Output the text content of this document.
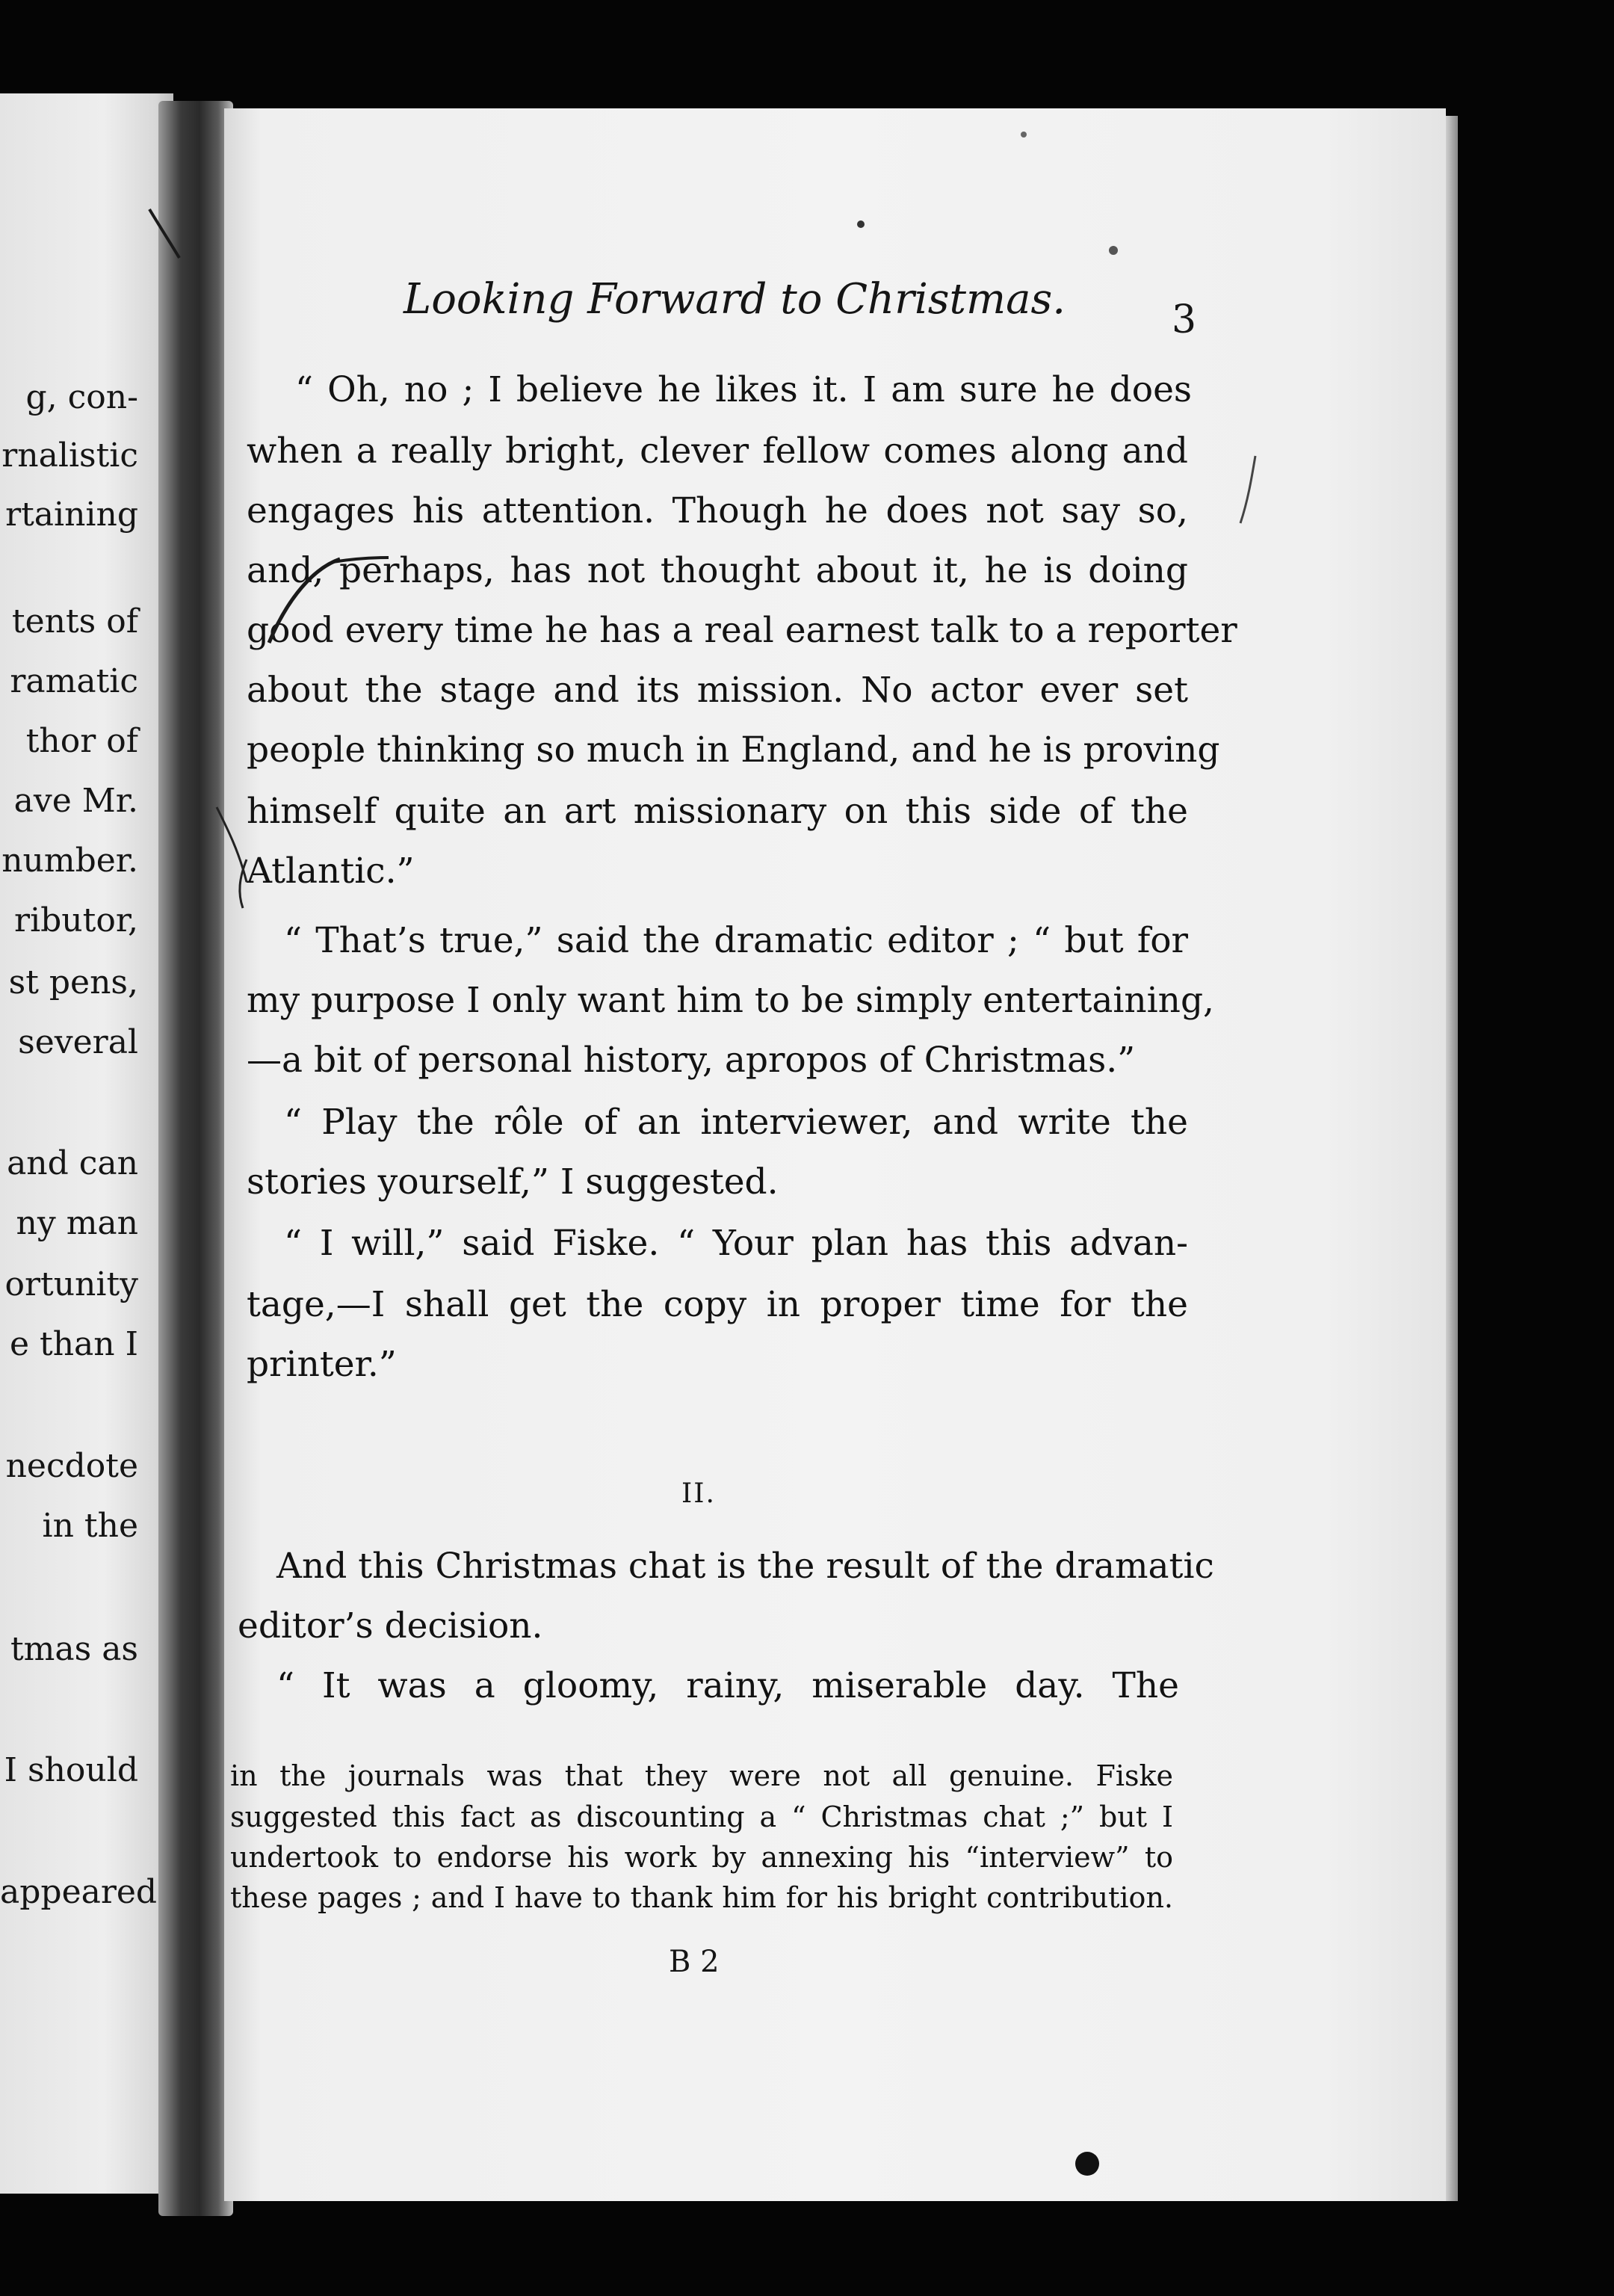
g, con-
rnalistic
rtaining
tents of
ramatic
thor of
ave Mr.
number.
ributor,
st pens,
several
and can
ny man
ortunity
e than I
necdote
in the
tmas as
I should
appeared
Looking Forward to Christmas.	3
“ Oh, no ; I believe he likes it. I am sure he does
when a really bright, clever fellow comes along and
engages his attention. Though he does not say so,
and, perhaps, has not thought about it, he is doing
good every time he has a real earnest talk to a reporter
about the stage and its mission. No actor ever set
people thinking so much in England, and he is proving
himself quite an art missionary on this side of the
Atlantic.”
“ That’s true,” said the dramatic editor ; “ but for
my purpose I only want him to be simply entertaining,
—a bit of personal history, apropos of Christmas.”
“ Play the rôle of an interviewer, and write the
stories yourself,” I suggested.
“ I will,” said Fiske. “ Your plan has this advan-
tage,—I shall get the copy in proper time for the
printer.”
II.
And this Christmas chat is the result of the dramatic
editor’s decision.
“ It was a gloomy, rainy, miserable day. The
in the journals was that they were not all genuine. Fiske
suggested this fact as discounting a “ Christmas chat ;” but I
undertook to endorse his work by annexing his “interview” to
these pages ; and I have to thank him for his bright contribution.
B 2
